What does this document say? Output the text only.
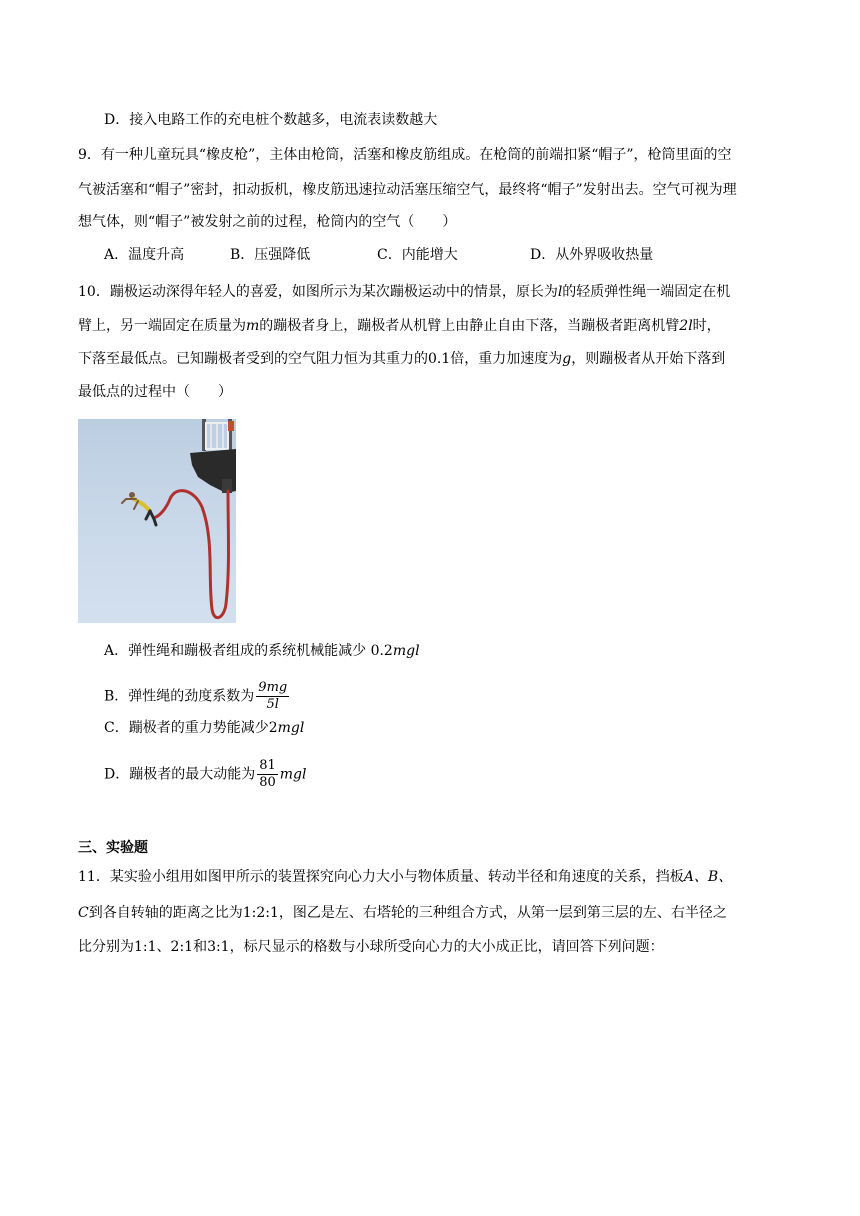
D．接入电路工作的充电桩个数越多，电流表读数越大
9．有一种儿童玩具“橡皮枪”，主体由枪筒，活塞和橡皮筋组成。在枪筒的前端扣紧“帽子”，枪筒里面的空
气被活塞和“帽子”密封，扣动扳机，橡皮筋迅速拉动活塞压缩空气，最终将“帽子”发射出去。空气可视为理
想气体，则“帽子”被发射之前的过程，枪筒内的空气（　　）
A．温度升高	B．压强降低	C．内能增大	D．从外界吸收热量
10．蹦极运动深得年轻人的喜爱，如图所示为某次蹦极运动中的情景，原长为l的轻质弹性绳一端固定在机
臂上，另一端固定在质量为m的蹦极者身上，蹦极者从机臂上由静止自由下落，当蹦极者距离机臂2l时，
下落至最低点。已知蹦极者受到的空气阻力恒为其重力的0.1倍，重力加速度为g，则蹦极者从开始下落到
最低点的过程中（　　）
A．弹性绳和蹦极者组成的系统机械能减少 0.2mgl
B．弹性绳的劲度系数为 $\frac{9mg}{5l}$
C．蹦极者的重力势能减少2mgl
D．蹦极者的最大动能为 $\frac{81}{80}$ mgl
三、实验题
11．某实验小组用如图甲所示的装置探究向心力大小与物体质量、转动半径和角速度的关系，挡板A、B、
C到各自转轴的距离之比为1:2:1，图乙是左、右塔轮的三种组合方式，从第一层到第三层的左、右半径之
比分别为1:1、2:1和3:1，标尺显示的格数与小球所受向心力的大小成正比，请回答下列问题：
